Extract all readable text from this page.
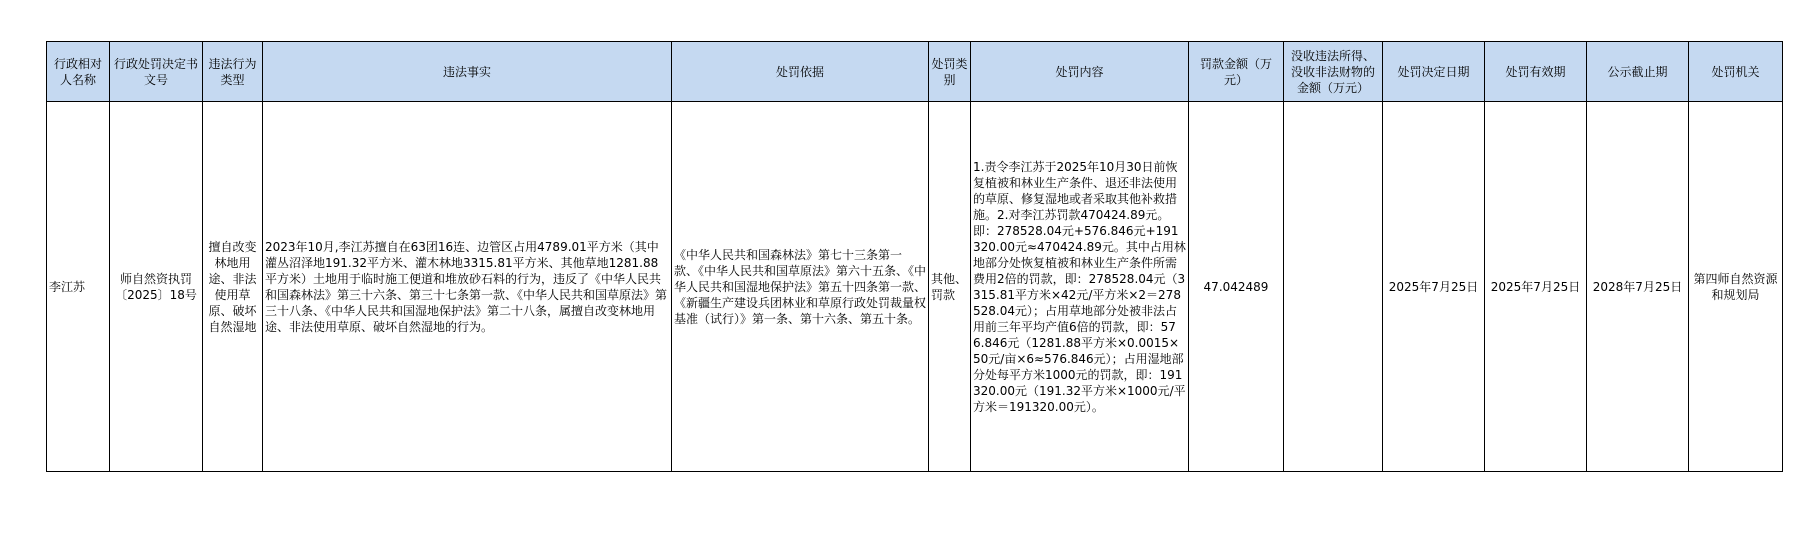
行政相对人名称	行政处罚决定书文号	违法行为类型	违法事实	处罚依据	处罚类别	处罚内容	罚款金额（万元）	没收违法所得、没收非法财物的金额（万元）	处罚决定日期	处罚有效期	公示截止期	处罚机关
李江苏	师自然资执罚〔2025〕18号	擅自改变林地用途、非法使用草原、破坏自然湿地	2023年10月,李江苏擅自在63团16连、边管区占用4789.01平方米（其中灌丛沼泽地191.32平方米、灌木林地3315.81平方米、其他草地1281.88平方米）土地用于临时施工便道和堆放砂石料的行为，违反了《中华人民共和国森林法》第三十六条、第三十七条第一款、《中华人民共和国草原法》第三十八条、《中华人民共和国湿地保护法》第二十八条，属擅自改变林地用途、非法使用草原、破坏自然湿地的行为。	《中华人民共和国森林法》第七十三条第一款、《中华人民共和国草原法》第六十五条、《中华人民共和国湿地保护法》第五十四条第一款、《新疆生产建设兵团林业和草原行政处罚裁量权基准（试行）》第一条、第十六条、第五十条。	其他、罚款	1.责令李江苏于2025年10月30日前恢复植被和林业生产条件、退还非法使用的草原、修复湿地或者采取其他补救措施。2.对李江苏罚款470424.89元。即：278528.04元+576.846元+191320.00元≈470424.89元。其中占用林地部分处恢复植被和林业生产条件所需费用2倍的罚款，即：278528.04元（3315.81平方米×42元/平方米×2＝278528.04元）；占用草地部分处被非法占用前三年平均产值6倍的罚款，即：576.846元（1281.88平方米×0.0015×50元/亩×6≈576.846元）；占用湿地部分处每平方米1000元的罚款，即：191320.00元（191.32平方米×1000元/平方米＝191320.00元）。	47.042489		2025年7月25日	2025年7月25日	2028年7月25日	第四师自然资源和规划局
